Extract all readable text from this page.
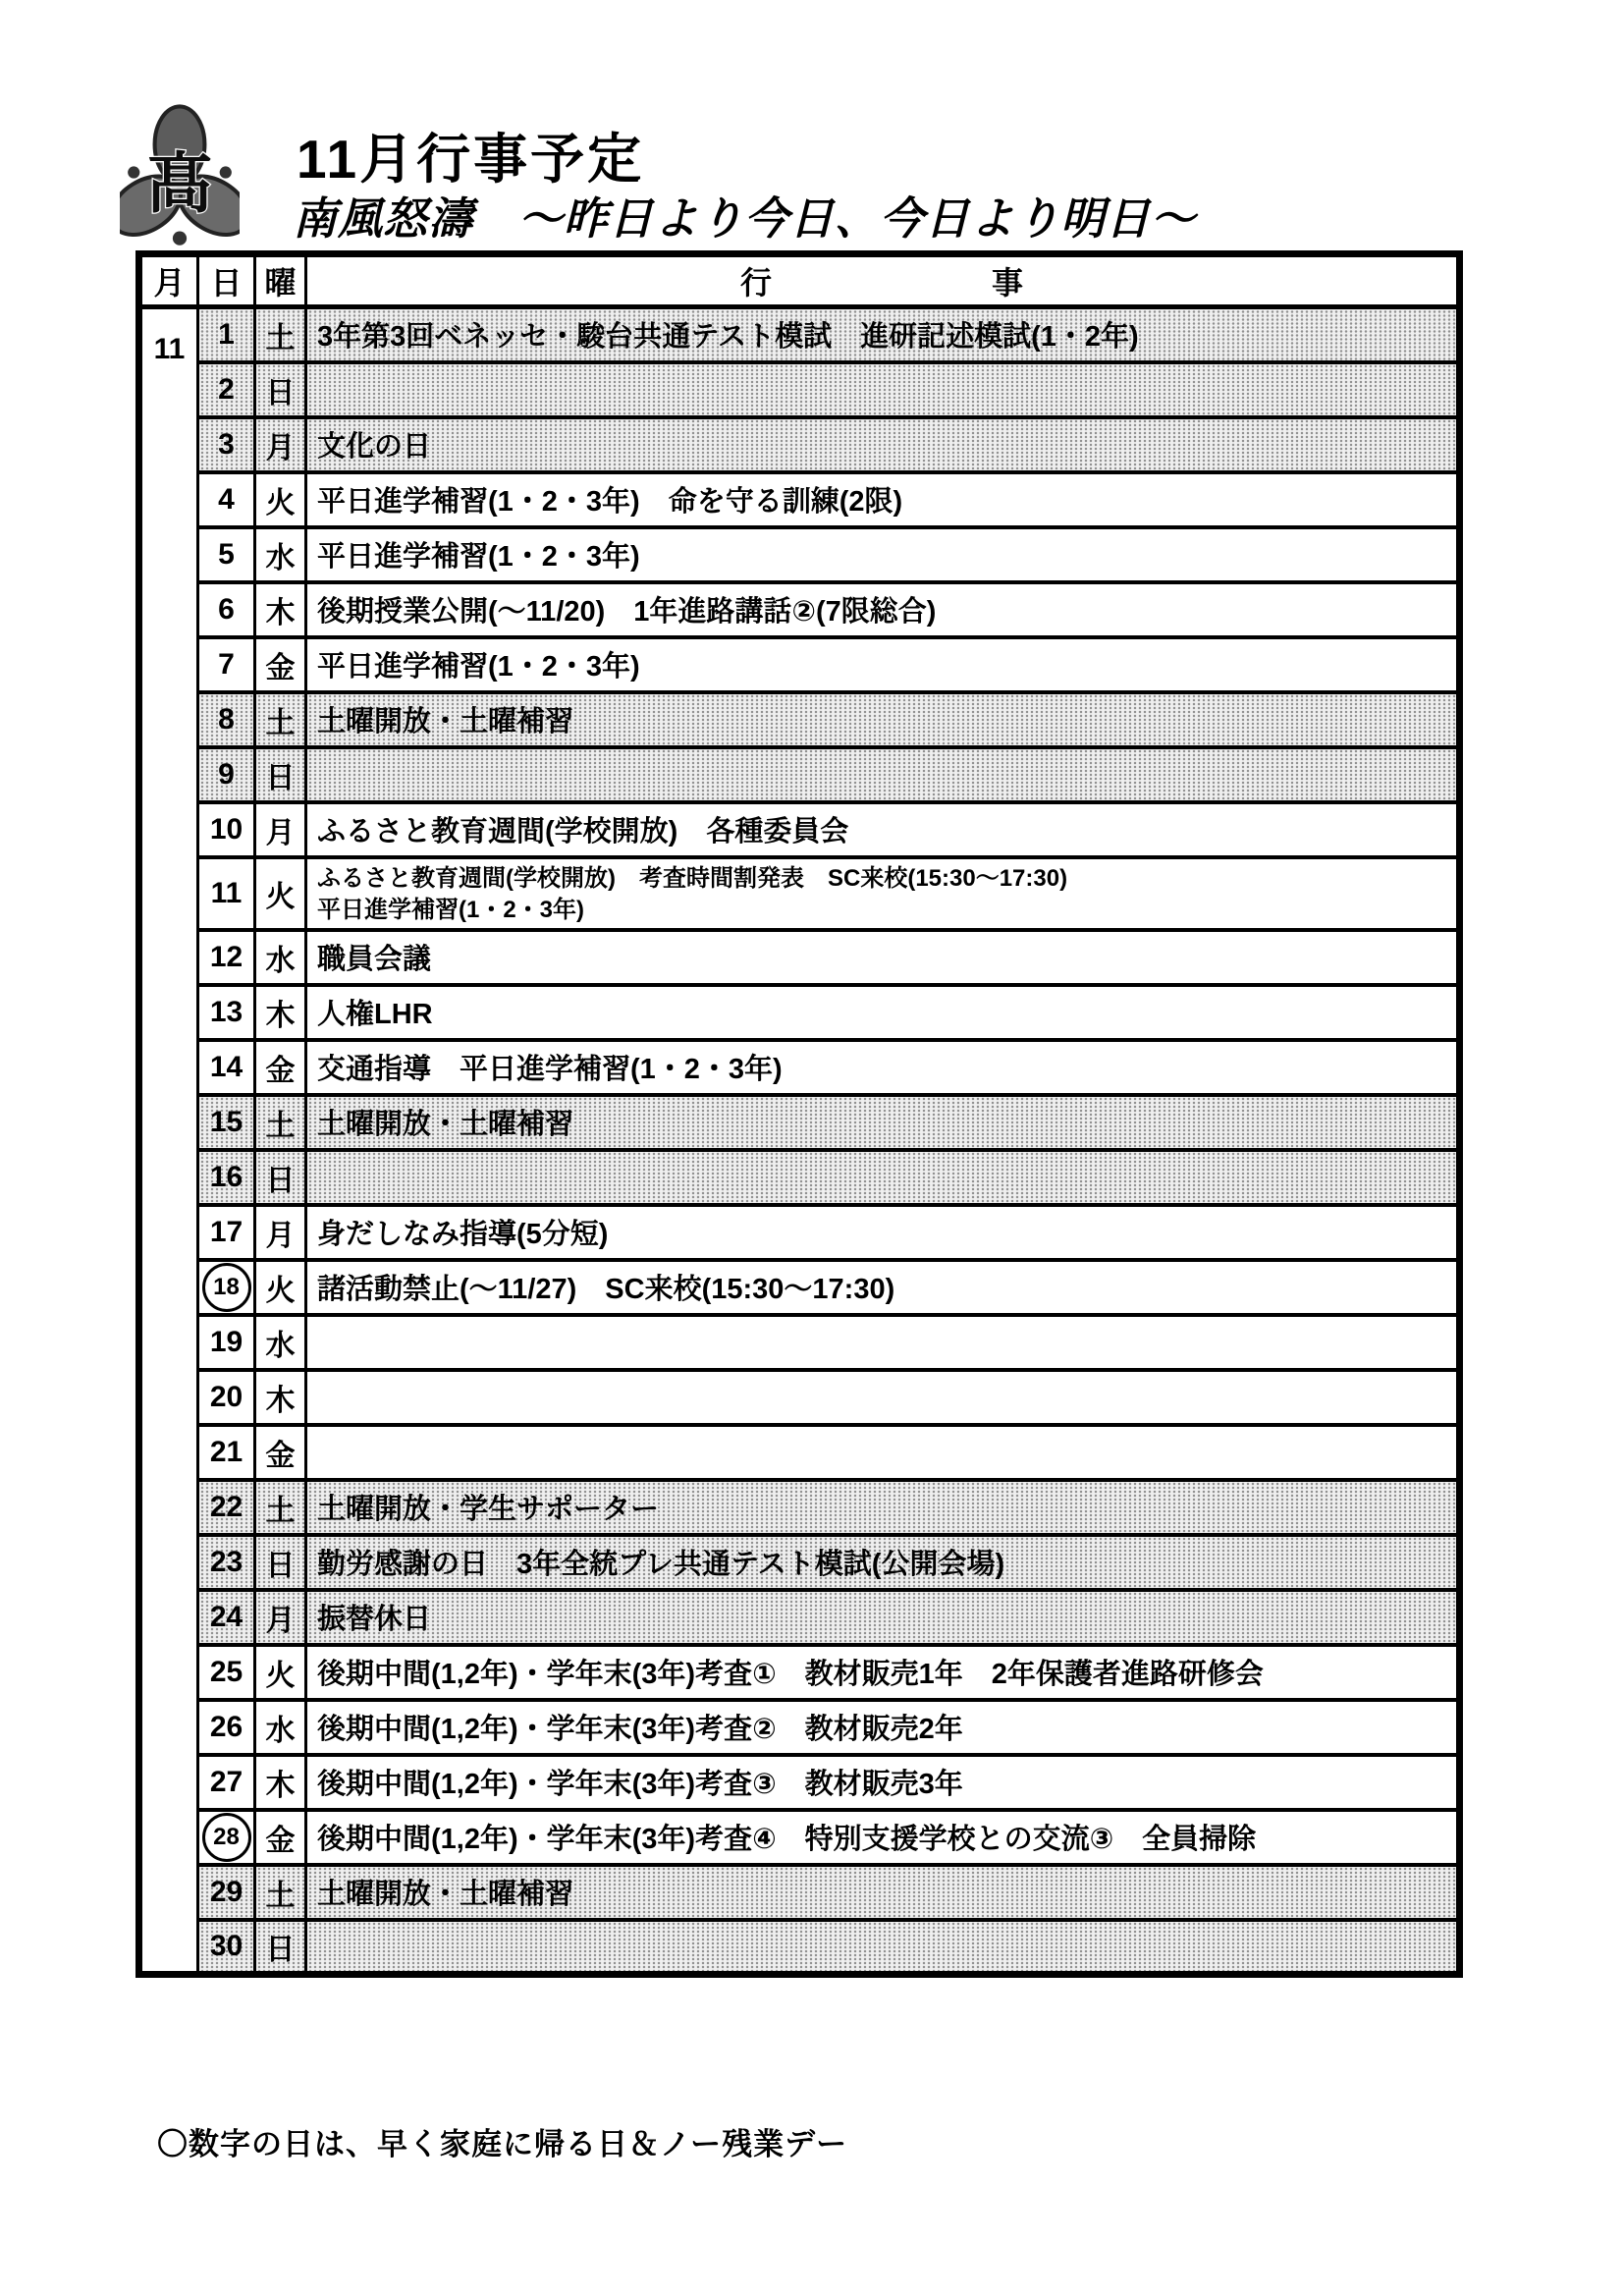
髙 11月行事予定
南風怒濤　～昨日より今日、今日より明日～
月	日	曜	行　　　　　　　事
11	1	土	3年第3回ベネッセ・駿台共通テスト模試　進研記述模試(1・2年)

	2	日	

	3	月	文化の日

	4	火	平日進学補習(1・2・3年)　命を守る訓練(2限)

	5	水	平日進学補習(1・2・3年)

	6	木	後期授業公開(～11/20)　1年進路講話②(7限総合)

	7	金	平日進学補習(1・2・3年)

	8	土	土曜開放・土曜補習

	9	日	

	10	月	ふるさと教育週間(学校開放)　各種委員会

	11	火	ふるさと教育週間(学校開放)　考査時間割発表　SC来校(15:30～17:30)
平日進学補習(1・2・3年)

	12	水	職員会議

	13	木	人権LHR

	14	金	交通指導　平日進学補習(1・2・3年)

	15	土	土曜開放・土曜補習

	16	日	

	17	月	身だしなみ指導(5分短)

	18	火	諸活動禁止(～11/27)　SC来校(15:30～17:30)

	19	水	

	20	木	

	21	金	

	22	土	土曜開放・学生サポーター

	23	日	勤労感謝の日　3年全統プレ共通テスト模試(公開会場)

	24	月	振替休日

	25	火	後期中間(1,2年)・学年末(3年)考査①　教材販売1年　2年保護者進路研修会

	26	水	後期中間(1,2年)・学年末(3年)考査②　教材販売2年

	27	木	後期中間(1,2年)・学年末(3年)考査③　教材販売3年

	28	金	後期中間(1,2年)・学年末(3年)考査④　特別支援学校との交流③　全員掃除

	29	土	土曜開放・土曜補習

	30	日	
〇数字の日は、早く家庭に帰る日＆ノー残業デー
